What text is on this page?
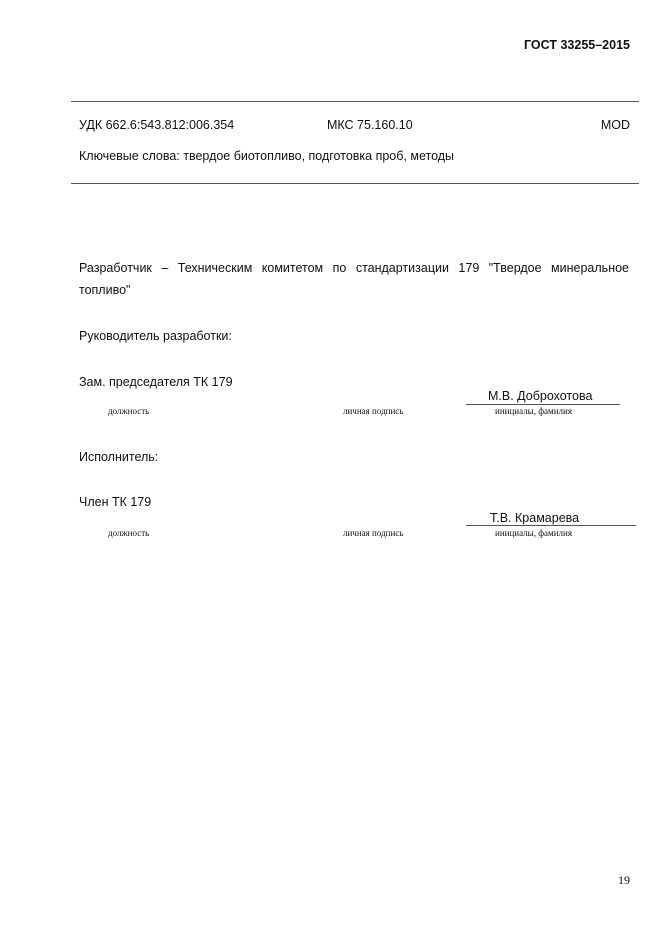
ГОСТ 33255–2015
УДК 662.6:543.812:006.354	МКС 75.160.10	MOD
Ключевые слова: твердое биотопливо, подготовка проб, методы
Разработчик – Техническим комитетом по стандартизации 179 "Твердое минеральное топливо"
Руководитель разработки:
Зам. председателя ТК 179
М.В. Доброхотова
должность	личная подпись	инициалы, фамилия
Исполнитель:
Член ТК 179
Т.В. Крамарева
должность	личная подпись	инициалы, фамилия
19
